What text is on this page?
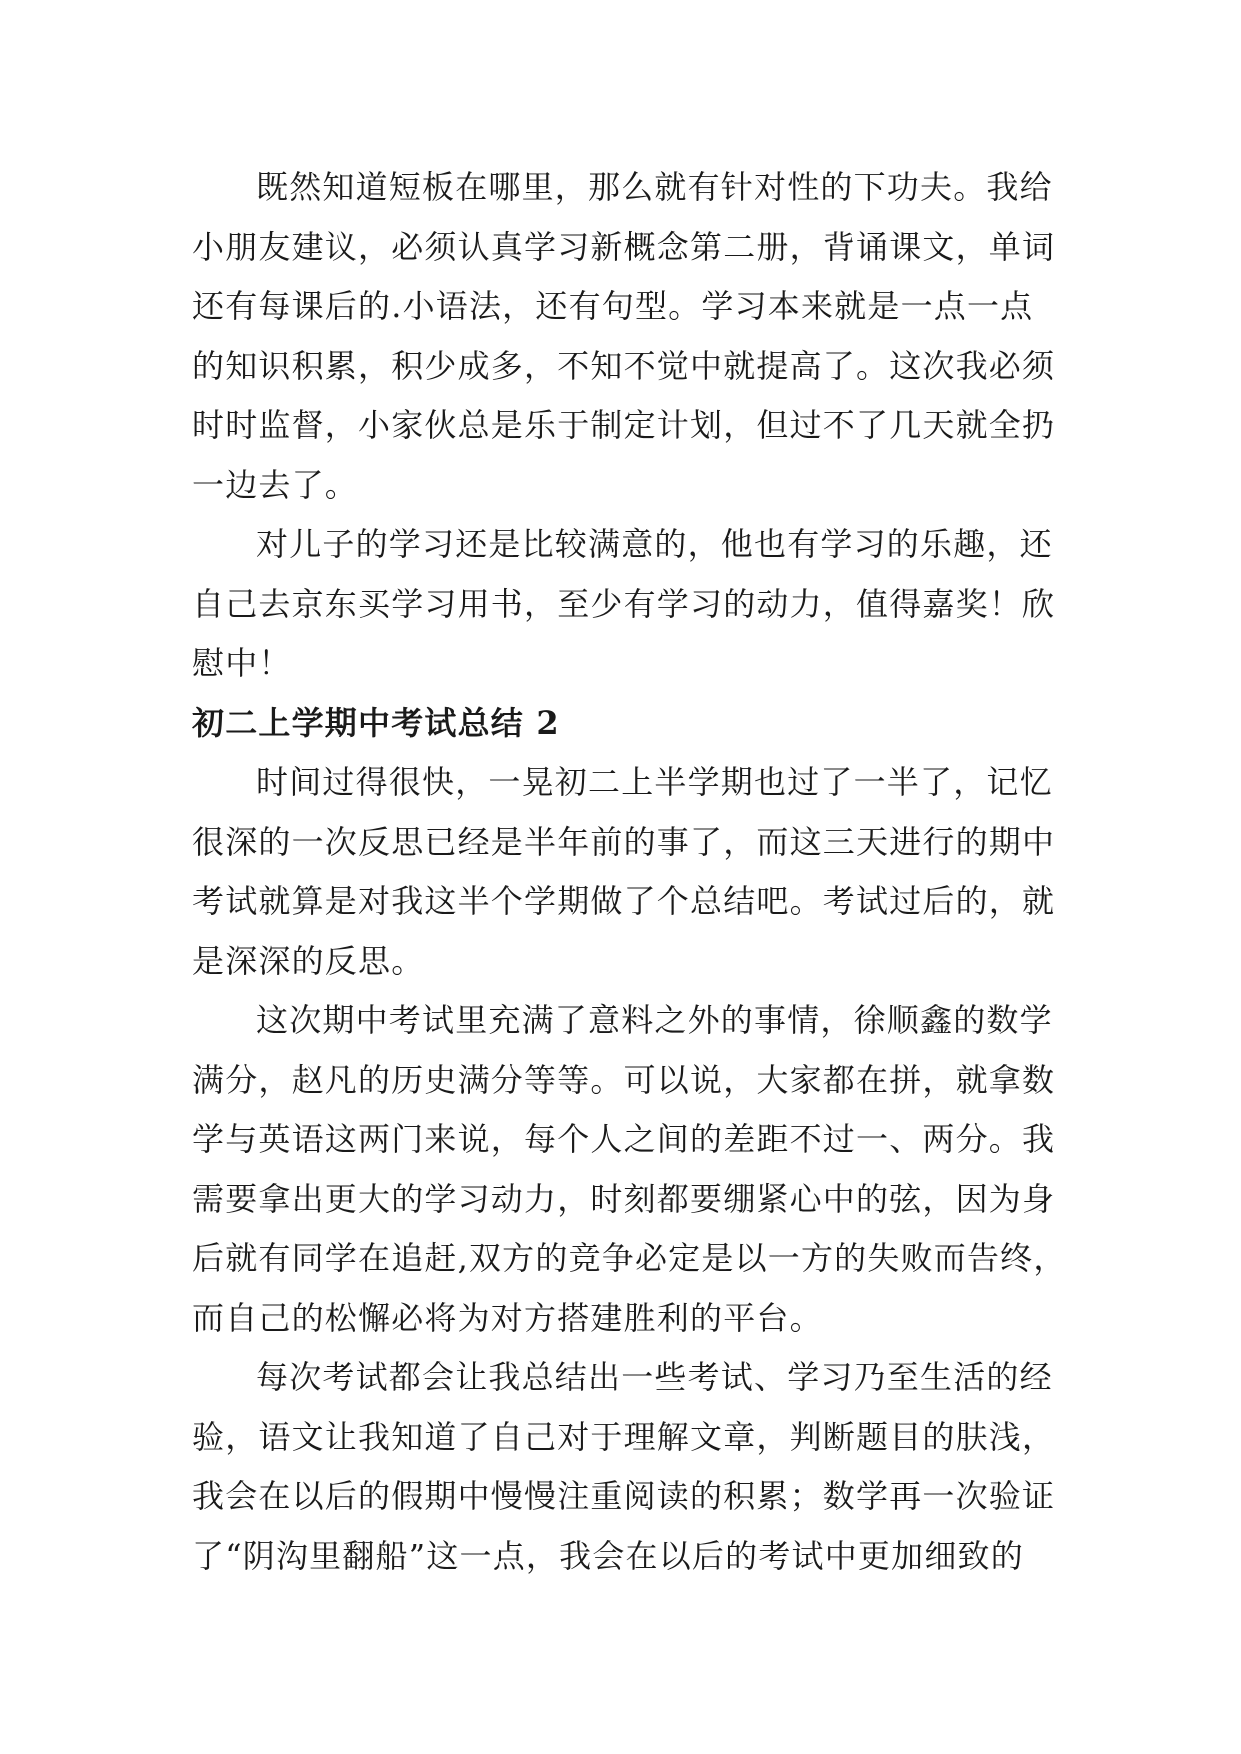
既然知道短板在哪里，那么就有针对性的下功夫。我给
小朋友建议，必须认真学习新概念第二册，背诵课文，单词
还有每课后的.小语法，还有句型。学习本来就是一点一点
的知识积累，积少成多，不知不觉中就提高了。这次我必须
时时监督，小家伙总是乐于制定计划，但过不了几天就全扔
一边去了。

对儿子的学习还是比较满意的，他也有学习的乐趣，还
自己去京东买学习用书，至少有学习的动力，值得嘉奖！欣
慰中！

初二上学期中考试总结 2

时间过得很快，一晃初二上半学期也过了一半了，记忆
很深的一次反思已经是半年前的事了，而这三天进行的期中
考试就算是对我这半个学期做了个总结吧。考试过后的，就
是深深的反思。

这次期中考试里充满了意料之外的事情，徐顺鑫的数学
满分，赵凡的历史满分等等。可以说，大家都在拼，就拿数
学与英语这两门来说，每个人之间的差距不过一、两分。我
需要拿出更大的学习动力，时刻都要绷紧心中的弦，因为身
后就有同学在追赶,双方的竞争必定是以一方的失败而告终，
而自己的松懈必将为对方搭建胜利的平台。

每次考试都会让我总结出一些考试、学习乃至生活的经
验，语文让我知道了自己对于理解文章，判断题目的肤浅，
我会在以后的假期中慢慢注重阅读的积累；数学再一次验证
了“阴沟里翻船”这一点，我会在以后的考试中更加细致的
